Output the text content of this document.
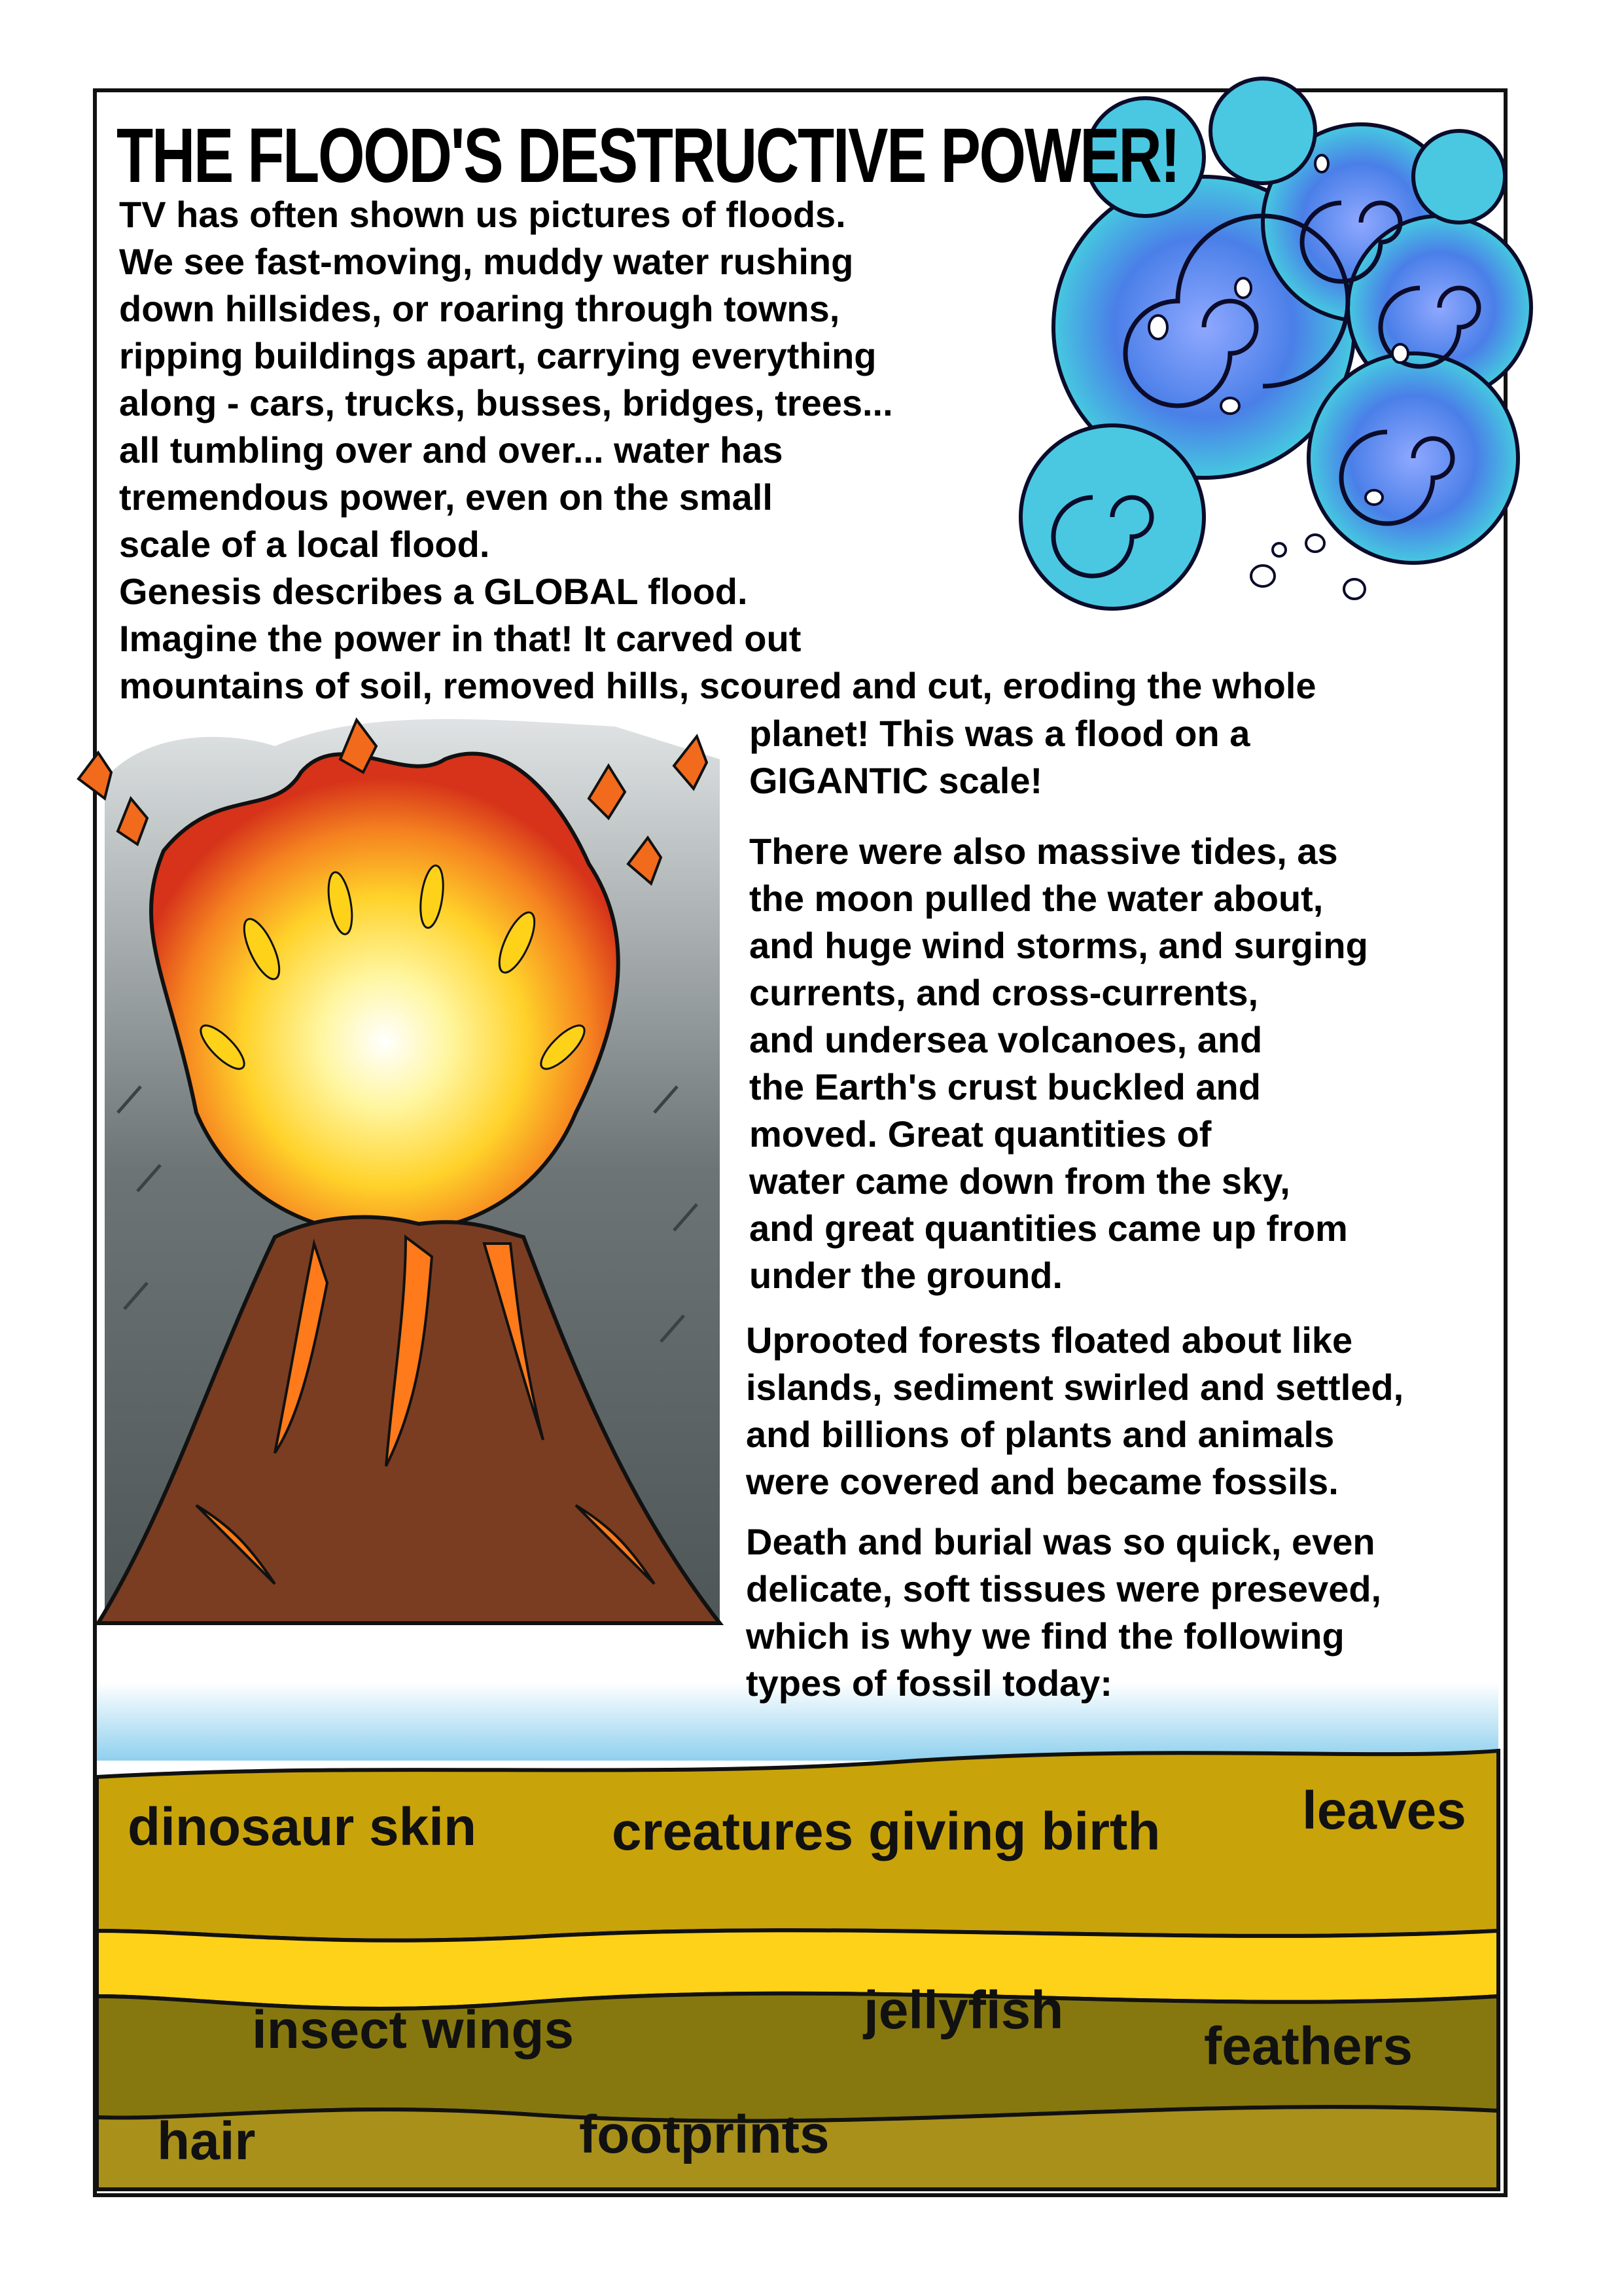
THE FLOOD'S DESTRUCTIVE POWER!

TV has often shown us pictures of floods.
We see fast-moving, muddy water rushing
down hillsides, or roaring through towns,
ripping buildings apart, carrying everything
along - cars, trucks, busses, bridges, trees...
all tumbling over and over... water has
tremendous power, even on the small
scale of a local flood.
Genesis describes a GLOBAL flood.
Imagine the power in that! It carved out

mountains of soil, removed hills, scoured and cut, eroding the whole

planet! This was a flood on a
GIGANTIC scale!

There were also massive tides, as
the moon pulled the water about,
and huge wind storms, and surging
currents, and cross-currents,
and undersea volcanoes, and
the Earth's crust buckled and
moved. Great quantities of
water came down from the sky,
and great quantities came up from
under the ground.

Uprooted forests floated about like
islands, sediment swirled and settled,
and billions of plants and animals
were covered and became fossils.

Death and burial was so quick, even
delicate, soft tissues were preseved,
which is why we find the following
types of fossil today:

dinosaur skin	creatures giving birth	leaves
insect wings	jellyfish
feathers
hair	footprints
